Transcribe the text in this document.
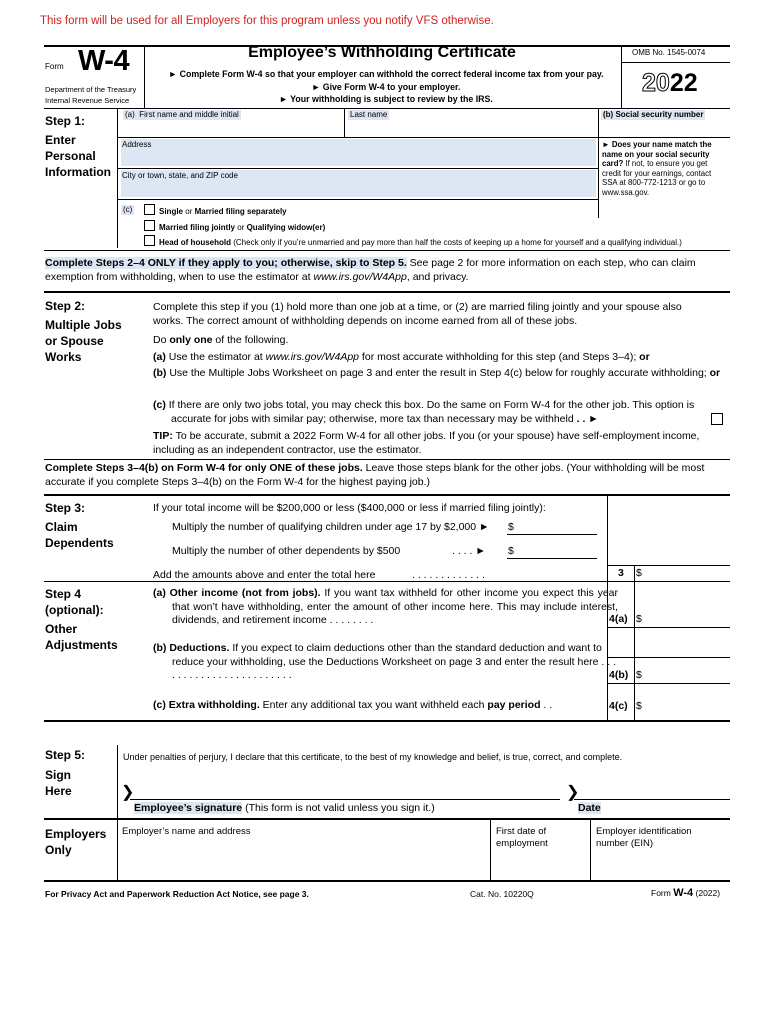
This form will be used for all Employers for this program unless you notify VFS otherwise.
Form W-4
Department of the Treasury
Internal Revenue Service
Employee’s Withholding Certificate
► Complete Form W-4 so that your employer can withhold the correct federal income tax from your pay.
► Give Form W-4 to your employer.
► Your withholding is subject to review by the IRS.
OMB No. 1545-0074
2022
Step 1:
Enter
Personal
Information
(a) First name and middle initial	Last name	(b) Social security number
Address
City or town, state, and ZIP code
► Does your name match the name on your social security card? If not, to ensure you get credit for your earnings, contact SSA at 800-772-1213 or go to www.ssa.gov.
(c)	Single or Married filing separately
Married filing jointly or Qualifying widow(er)
Head of household (Check only if you’re unmarried and pay more than half the costs of keeping up a home for yourself and a qualifying individual.)
Complete Steps 2–4 ONLY if they apply to you; otherwise, skip to Step 5. See page 2 for more information on each step, who can claim exemption from withholding, when to use the estimator at www.irs.gov/W4App, and privacy.
Step 2:
Multiple Jobs
or Spouse
Works
Complete this step if you (1) hold more than one job at a time, or (2) are married filing jointly and your spouse also works. The correct amount of withholding depends on income earned from all of these jobs.
Do only one of the following.
(a) Use the estimator at www.irs.gov/W4App for most accurate withholding for this step (and Steps 3–4); or
(b) Use the Multiple Jobs Worksheet on page 3 and enter the result in Step 4(c) below for roughly accurate withholding; or
(c) If there are only two jobs total, you may check this box. Do the same on Form W-4 for the other job. This option is accurate for jobs with similar pay; otherwise, more tax than necessary may be withheld . . ►
TIP: To be accurate, submit a 2022 Form W-4 for all other jobs. If you (or your spouse) have self-employment income, including as an independent contractor, use the estimator.
Complete Steps 3–4(b) on Form W-4 for only ONE of these jobs. Leave those steps blank for the other jobs. (Your withholding will be most accurate if you complete Steps 3–4(b) on the Form W-4 for the highest paying job.)
Step 3:
Claim
Dependents
If your total income will be $200,000 or less ($400,000 or less if married filing jointly):
Multiply the number of qualifying children under age 17 by $2,000 ► $
Multiply the number of other dependents by $500	. . . . ► $
Add the amounts above and enter the total here	. . . . . . . . . . . . .	3 $
Step 4
(optional):
Other
Adjustments
(a) Other income (not from jobs). If you want tax withheld for other income you expect this year that won’t have withholding, enter the amount of other income here. This may include interest, dividends, and retirement income . . . . . . . .	4(a) $
(b) Deductions. If you expect to claim deductions other than the standard deduction and want to reduce your withholding, use the Deductions Worksheet on page 3 and enter the result here . . . . . . . . . . . . . . . . . . . . . . . .	4(b) $
(c) Extra withholding. Enter any additional tax you want withheld each pay period . .	4(c) $
Step 5:
Sign
Here
Under penalties of perjury, I declare that this certificate, to the best of my knowledge and belief, is true, correct, and complete.
❯
Employee’s signature (This form is not valid unless you sign it.)
❯
Date
Employers
Only
Employer’s name and address	First date of employment
Employer identification number (EIN)
For Privacy Act and Paperwork Reduction Act Notice, see page 3.	Cat. No. 10220Q	Form W-4 (2022)
